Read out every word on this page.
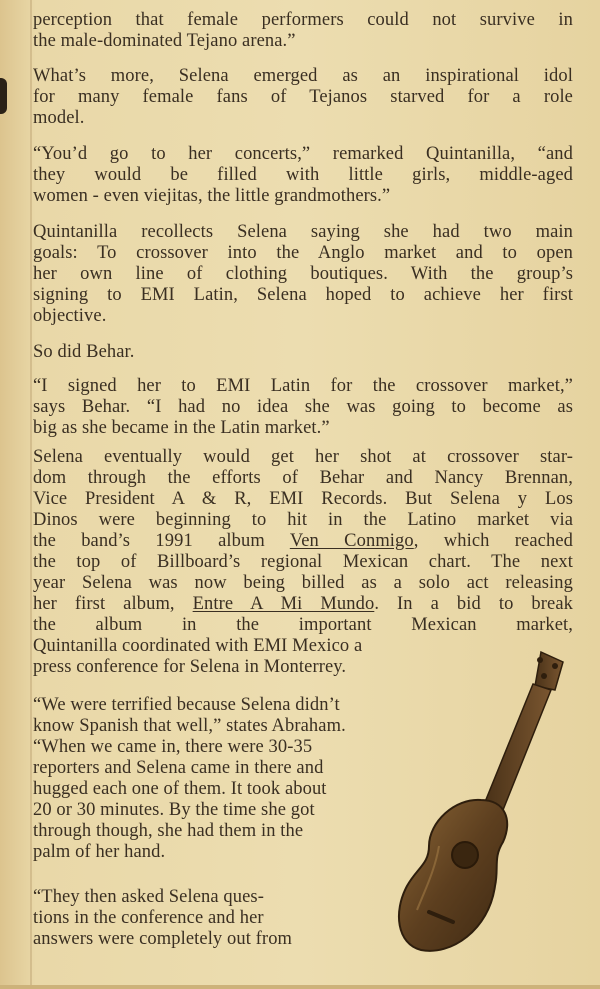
perception that female performers could not survive in
the male-dominated Tejano arena.”

What’s more, Selena emerged as an inspirational idol
for many female fans of Tejanos starved for a role
model.

“You’d go to her concerts,” remarked Quintanilla, “and
they would be filled with little girls, middle-aged
women - even viejitas, the little grandmothers.”

Quintanilla recollects Selena saying she had two main
goals: To crossover into the Anglo market and to open
her own line of clothing boutiques. With the group’s
signing to EMI Latin, Selena hoped to achieve her first
objective.

So did Behar.

“I signed her to EMI Latin for the crossover market,”
says Behar. “I had no idea she was going to become as
big as she became in the Latin market.”

Selena eventually would get her shot at crossover star-
dom through the efforts of Behar and Nancy Brennan,
Vice President A & R, EMI Records. But Selena y Los
Dinos were beginning to hit in the Latino market via
the band’s 1991 album Ven Conmigo, which reached
the top of Billboard’s regional Mexican chart. The next
year Selena was now being billed as a solo act releasing
her first album, Entre A Mi Mundo. In a bid to break
the album in the important Mexican market,
Quintanilla coordinated with EMI Mexico a
press conference for Selena in Monterrey.

“We were terrified because Selena didn’t
know Spanish that well,” states Abraham.
“When we came in, there were 30-35
reporters and Selena came in there and
hugged each one of them. It took about
20 or 30 minutes. By the time she got
through though, she had them in the
palm of her hand.

“They then asked Selena ques-
tions in the conference and her
answers were completely out from
